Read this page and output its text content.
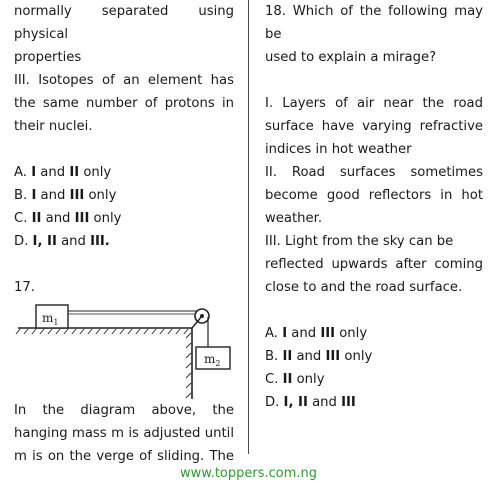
normally separated using physical

properties

III. Isotopes of an element has

the same number of protons in

their nuclei.

A. I and II only

B. I and III only

C. II and III only

D. I, II and III.

17.

$m_1$
$m_2$

In the diagram above, the

hanging mass m is adjusted until

m is on the verge of sliding. The

18. Which of the following may be

used to explain a mirage?

I. Layers of air near the road

surface have varying refractive

indices in hot weather

II. Road surfaces sometimes

become good reflectors in hot

weather.

III. Light from the sky can be

reflected upwards after coming

close to and the road surface.

A. I and III only

B. II and III only

C. II only

D. I, II and III

www.toppers.com.ng
